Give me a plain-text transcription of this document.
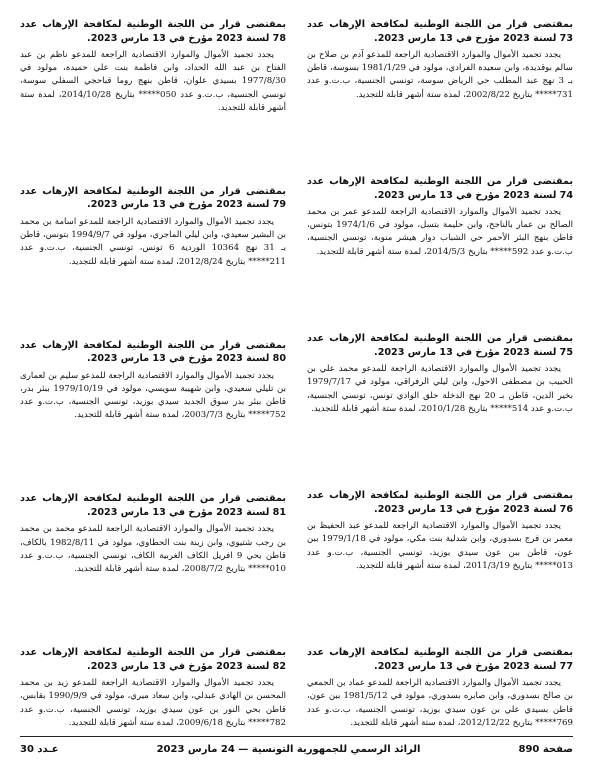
بمقتضى قرار من اللجنة الوطنية لمكافحة الإرهاب عدد 73 لسنة 2023 مؤرخ في 13 مارس 2023.

يجدد تجميد الأموال والموارد الاقتصادية الراجعة للمدعو آدم بن صلاح بن سالم بوقديدة، وابن سعيدة الفرادي، مولود في 1981/1/29 بسوسة، قاطن بـ 3 نهج عبد المطلب حي الرياض سوسة، تونسي الجنسية، ب.ت.و عدد 731***** بتاريخ 2002/8/22، لمدة ستة أشهر قابلة للتجديد.

بمقتضى قرار من اللجنة الوطنية لمكافحة الإرهاب عدد 74 لسنة 2023 مؤرخ في 13 مارس 2023.

يجدد تجميد الأموال والموارد الاقتصادية الراجعة للمدعو عمر بن محمد الصالح بن عمار بالناجح، وابن حليمة بتسل، مولود في 1974/1/6 بتونس، قاطن بنهج البئر الأحمر حي الشباب دوار هيشر منوبة، تونسي الجنسية، ب.ت.و عدد 592***** بتاريخ 2014/5/3، لمدة ستة أشهر قابلة للتجديد.

بمقتضى قرار من اللجنة الوطنية لمكافحة الإرهاب عدد 75 لسنة 2023 مؤرخ في 13 مارس 2023.

يجدد تجميد الأموال والموارد الاقتصادية الراجعة للمدعو محمد علي بن الحبيب بن مصطفى الاحول، وابن ليلي الرفراقي، مولود في 1979/7/17 بخير الدين، قاطن بـ 20 نهج الدخلة حلق الوادي تونس، تونسي الجنسية، ب.ت.و عدد 514***** بتاريخ 2010/1/28، لمدة ستة أشهر قابلة للتجديد.

بمقتضى قرار من اللجنة الوطنية لمكافحة الإرهاب عدد 76 لسنة 2023 مؤرخ في 13 مارس 2023.

يجدد تجميد الأموال والموارد الاقتصادية الراجعة للمدعو عبد الحفيظ بن معمر بن فرج بسدوري، وابن شدلية بنت مكي، مولود في 1979/1/18 ببن عون، قاطن ببن عون سيدي بوزيد، تونسي الجنسية، ب.ت.و عدد 013***** بتاريخ 2011/3/19، لمدة ستة أشهر قابلة للتجديد.

بمقتضى قرار من اللجنة الوطنية لمكافحة الإرهاب عدد 77 لسنة 2023 مؤرخ في 13 مارس 2023.

يجدد تجميد الأموال والموارد الاقتصادية الراجعة للمدعو عماد بن الجمعي بن صالح بسدوري، وابن صابره بسدوري، مولود في 1981/5/12 ببن عون، قاطن بسيدي علي بن عون سيدي بوزيد، تونسي الجنسية، ب.ت.و عدد 769***** بتاريخ 2012/12/22، لمدة ستة أشهر قابلة للتجديد.

بمقتضى قرار من اللجنة الوطنية لمكافحة الإرهاب عدد 78 لسنة 2023 مؤرخ في 13 مارس 2023.

يجدد تجميد الأموال والموارد الاقتصادية الراجعة للمدعو ناظم بن عبد الفتاح بن عبد الله الحداد، وابن فاطمة بنت علي حميدة، مولود في 1977/8/30 بسيدي علوان، قاطن بنهج روما قباحجي السفلي سوسة، تونسي الجنسية، ب.ت.و عدد 050***** بتاريخ 2014/10/28، لمدة ستة أشهر قابلة للتجديد.

بمقتضى قرار من اللجنة الوطنية لمكافحة الإرهاب عدد 79 لسنة 2023 مؤرخ في 13 مارس 2023.

يجدد تجميد الأموال والموارد الاقتصادية الراجعة للمدعو اسامة بن محمد بن البشير سعيدي، وابن ليلي الماجري، مولود في 1994/9/7 بتونس، قاطن بـ 31 نهج 10364 الوردية 6 تونس، تونسي الجنسية، ب.ت.و عدد 211***** بتاريخ 2012/8/24، لمدة ستة أشهر قابلة للتجديد.

بمقتضى قرار من اللجنة الوطنية لمكافحة الإرهاب عدد 80 لسنة 2023 مؤرخ في 13 مارس 2023.

يجدد تجميد الأموال والموارد الاقتصادية الراجعة للمدعو سليم بن لعمارى بن تليلي سعيدي، وابن شهيبة سويسي، مولود في 1979/10/19 ببئر بدر، قاطن ببئر بدر سوق الجديد سيدي بوزيد، تونسي الجنسية، ب.ت.و عدد 752***** بتاريخ 2003/7/3، لمدة ستة أشهر قابلة للتجديد.

بمقتضى قرار من اللجنة الوطنية لمكافحة الإرهاب عدد 81 لسنة 2023 مؤرخ في 13 مارس 2023.

يجدد تجميد الأموال والموارد الاقتصادية الراجعة للمدعو محمد بن محمد بن رجب شتيوي، وابن زينة بنت الحطاوي، مولود في 1982/8/11 بالكاف، قاطن بحي 9 افريل الكاف الغربية الكاف، تونسي الجنسية، ب.ت.و عدد 010***** بتاريخ 2008/7/2، لمدة ستة أشهر قابلة للتجديد.

بمقتضى قرار من اللجنة الوطنية لمكافحة الإرهاب عدد 82 لسنة 2023 مؤرخ في 13 مارس 2023.

يجدد تجميد الأموال والموارد الاقتصادية الراجعة للمدعو زيد بن محمد المحسن بن الهادي عبدلي، وابن سعاد ميري، مولود في 1990/9/9 بقابس، قاطن بحي النور بن عون سيدي بوزيد، تونسي الجنسية، ب.ت.و عدد 782***** بتاريخ 2009/6/18، لمدة ستة أشهر قابلة للتجديد.

صفحة 890
الرائد الرسمي للجمهورية التونسية — 24 مارس 2023
عـدد 30
